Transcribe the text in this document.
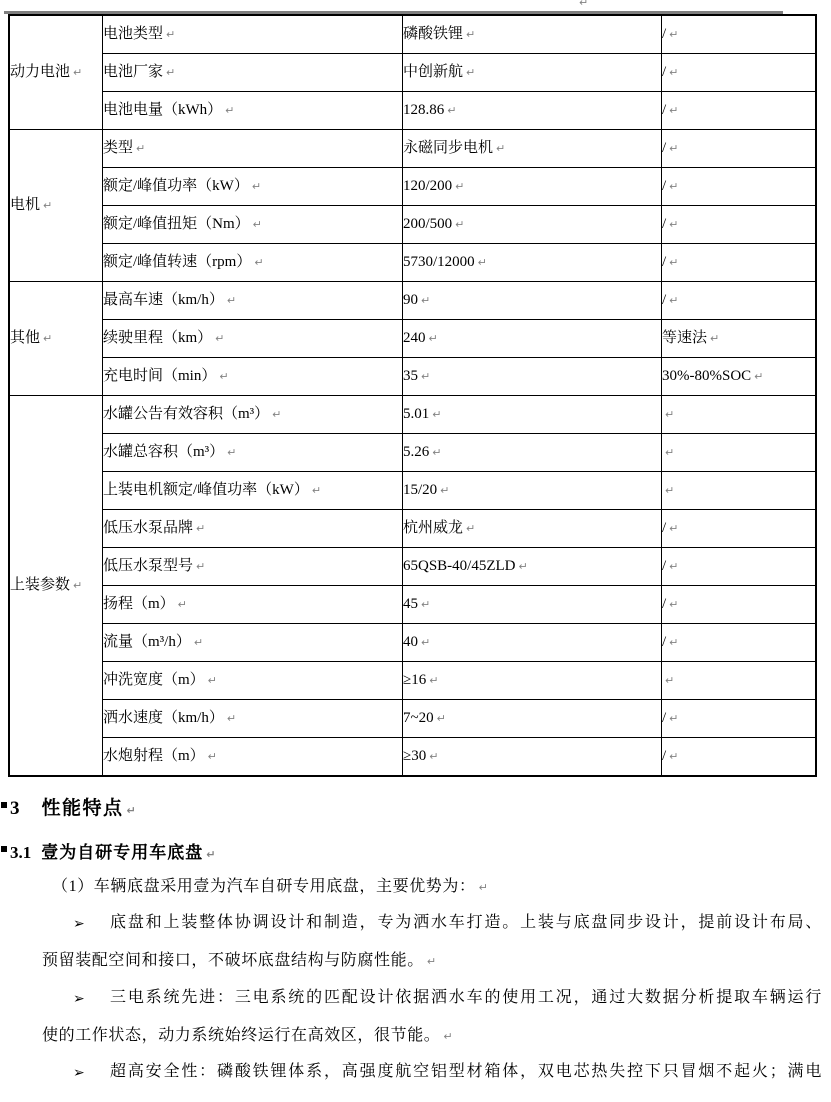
↵
动力电池 ↵	电池类型 ↵	磷酸铁锂 ↵	/ ↵
	电池厂家 ↵	中创新航 ↵	/ ↵
	电池电量（kWh） ↵	128.86 ↵	/ ↵
电机 ↵	类型 ↵	永磁同步电机 ↵	/ ↵
	额定/峰值功率（kW） ↵	120/200 ↵	/ ↵
	额定/峰值扭矩（Nm） ↵	200/500 ↵	/ ↵
	额定/峰值转速（rpm） ↵	5730/12000 ↵	/ ↵
其他 ↵	最高车速（km/h） ↵	90 ↵	/ ↵
	续驶里程（km） ↵	240 ↵	等速法 ↵
	充电时间（min） ↵	35 ↵	30%-80%SOC ↵
上装参数 ↵	水罐公告有效容积（m³） ↵	5.01 ↵	↵
	水罐总容积（m³） ↵	5.26 ↵	↵
	上装电机额定/峰值功率（kW） ↵	15/20 ↵	↵
	低压水泵品牌 ↵	杭州威龙 ↵	/ ↵
	低压水泵型号 ↵	65QSB-40/45ZLD ↵	/ ↵
	扬程（m） ↵	45 ↵	/ ↵
	流量（m³/h） ↵	40 ↵	/ ↵
	冲洗宽度（m） ↵	≥16 ↵	↵
	洒水速度（km/h） ↵	7~20 ↵	/ ↵
	水炮射程（m） ↵	≥30 ↵	/ ↵
3 性能特点 ↵
3.1 壹为自研专用车底盘 ↵
（1）车辆底盘采用壹为汽车自研专用底盘，主要优势为： ↵
➢ 底盘和上装整体协调设计和制造，专为洒水车打造。上装与底盘同步设计，提前设计布局、
预留装配空间和接口，不破坏底盘结构与防腐性能。 ↵
➢ 三电系统先进：三电系统的匹配设计依据洒水车的使用工况，通过大数据分析提取车辆运行
使的工作状态，动力系统始终运行在高效区，很节能。 ↵
➢ 超高安全性：磷酸铁锂体系，高强度航空铝型材箱体，双电芯热失控下只冒烟不起火；满电
